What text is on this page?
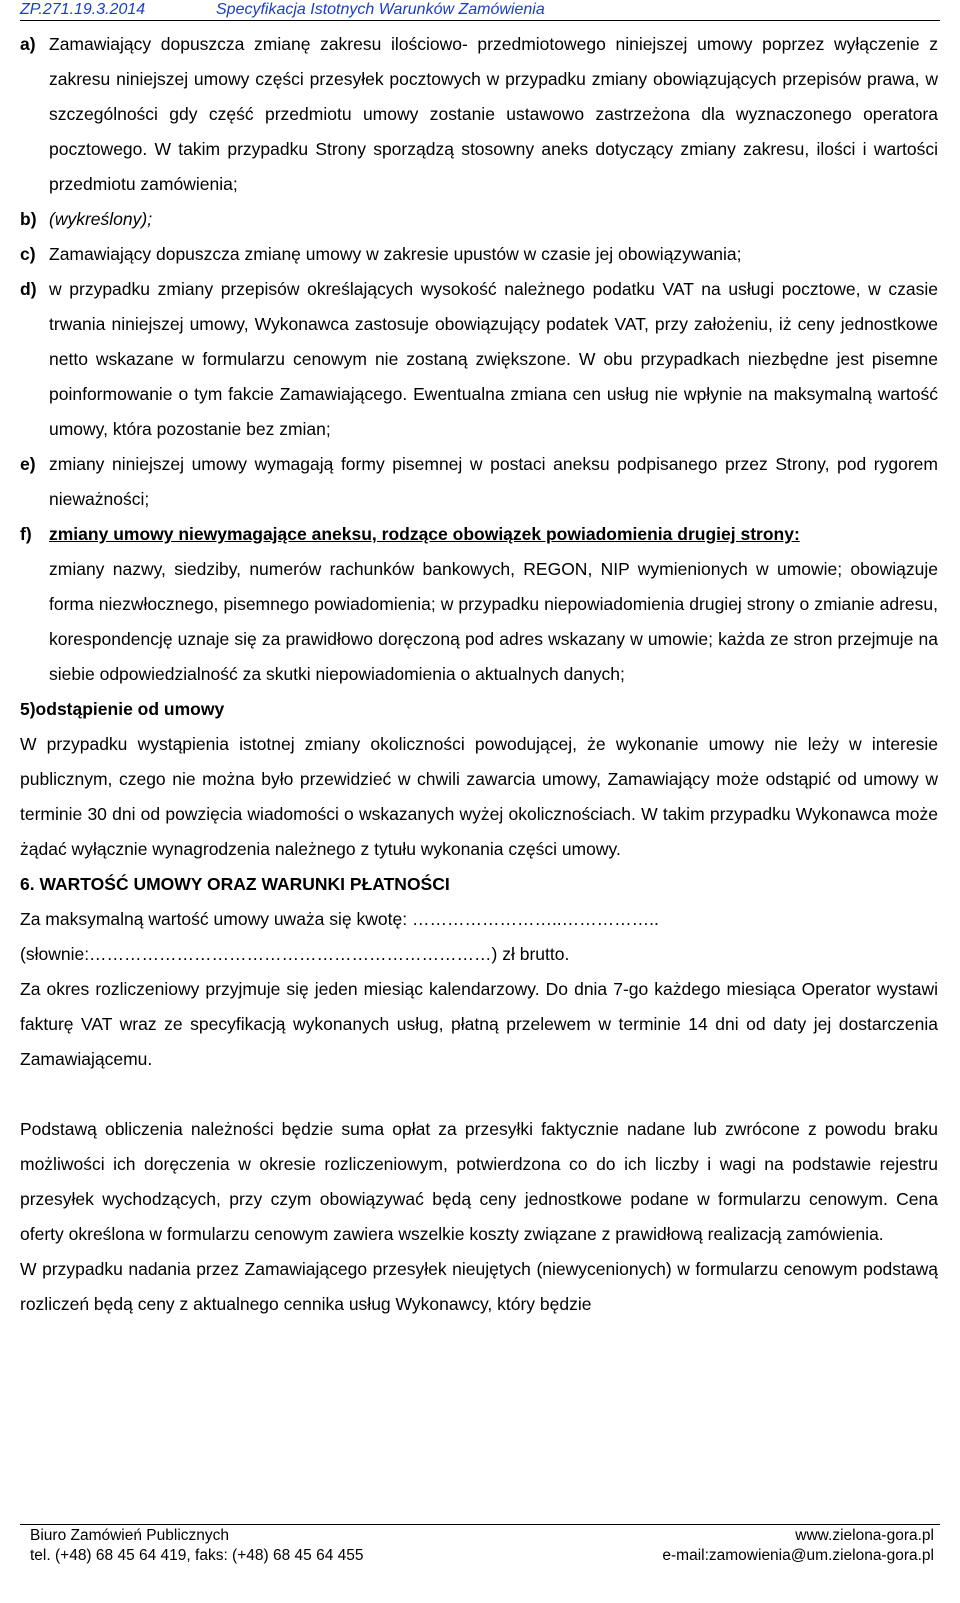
ZP.271.19.3.2014	Specyfikacja Istotnych Warunków Zamówienia
a) Zamawiający dopuszcza zmianę zakresu ilościowo- przedmiotowego niniejszej umowy poprzez wyłączenie z zakresu niniejszej umowy części przesyłek pocztowych w przypadku zmiany obowiązujących przepisów prawa, w szczególności gdy część przedmiotu umowy zostanie ustawowo zastrzeżona dla wyznaczonego operatora pocztowego. W takim przypadku Strony sporządzą stosowny aneks dotyczący zmiany zakresu, ilości i wartości przedmiotu zamówienia;
b) (wykreślony);
c) Zamawiający dopuszcza zmianę umowy w zakresie upustów w czasie jej obowiązywania;
d) w przypadku zmiany przepisów określających wysokość należnego podatku VAT na usługi pocztowe, w czasie trwania niniejszej umowy, Wykonawca zastosuje obowiązujący podatek VAT, przy założeniu, iż ceny jednostkowe netto wskazane w formularzu cenowym nie zostaną zwiększone. W obu przypadkach niezbędne jest pisemne poinformowanie o tym fakcie Zamawiającego. Ewentualna zmiana cen usług nie wpłynie na maksymalną wartość umowy, która pozostanie bez zmian;
e) zmiany niniejszej umowy wymagają formy pisemnej w postaci aneksu podpisanego przez Strony, pod rygorem nieważności;
f) zmiany umowy niewymagające aneksu, rodzące obowiązek powiadomienia drugiej strony:
zmiany nazwy, siedziby, numerów rachunków bankowych, REGON, NIP wymienionych w umowie; obowiązuje forma niezwłocznego, pisemnego powiadomienia; w przypadku niepowiadomienia drugiej strony o zmianie adresu, korespondencję uznaje się za prawidłowo doręczoną pod adres wskazany w umowie; każda ze stron przejmuje na siebie odpowiedzialność za skutki niepowiadomienia o aktualnych danych;

5)odstąpienie od umowy

W przypadku wystąpienia istotnej zmiany okoliczności powodującej, że wykonanie umowy nie leży w interesie publicznym, czego nie można było przewidzieć w chwili zawarcia umowy, Zamawiający może odstąpić od umowy w terminie 30 dni od powzięcia wiadomości o wskazanych wyżej okolicznościach. W takim przypadku Wykonawca może żądać wyłącznie wynagrodzenia należnego z tytułu wykonania części umowy.

6. WARTOŚĆ UMOWY ORAZ WARUNKI PŁATNOŚCI

Za maksymalną wartość umowy uważa się kwotę: ……………………..……………..

(słownie:……………………………………………………………) zł brutto.

Za okres rozliczeniowy przyjmuje się jeden miesiąc kalendarzowy. Do dnia 7-go każdego miesiąca Operator wystawi fakturę VAT wraz ze specyfikacją wykonanych usług, płatną przelewem w terminie 14 dni od daty jej dostarczenia Zamawiającemu.

Podstawą obliczenia należności będzie suma opłat za przesyłki faktycznie nadane lub zwrócone z powodu braku możliwości ich doręczenia w okresie rozliczeniowym, potwierdzona co do ich liczby i wagi na podstawie rejestru przesyłek wychodzących, przy czym obowiązywać będą ceny jednostkowe podane w formularzu cenowym. Cena oferty określona w formularzu cenowym zawiera wszelkie koszty związane z prawidłową realizacją zamówienia.

W przypadku nadania przez Zamawiającego przesyłek nieujętych (niewycenionych) w formularzu cenowym podstawą rozliczeń będą ceny z aktualnego cennika usług Wykonawcy, który będzie

Biuro Zamówień Publicznych	www.zielona-gora.pl
tel. (+48) 68 45 64 419, faks: (+48) 68 45 64 455	e-mail:zamowienia@um.zielona-gora.pl
